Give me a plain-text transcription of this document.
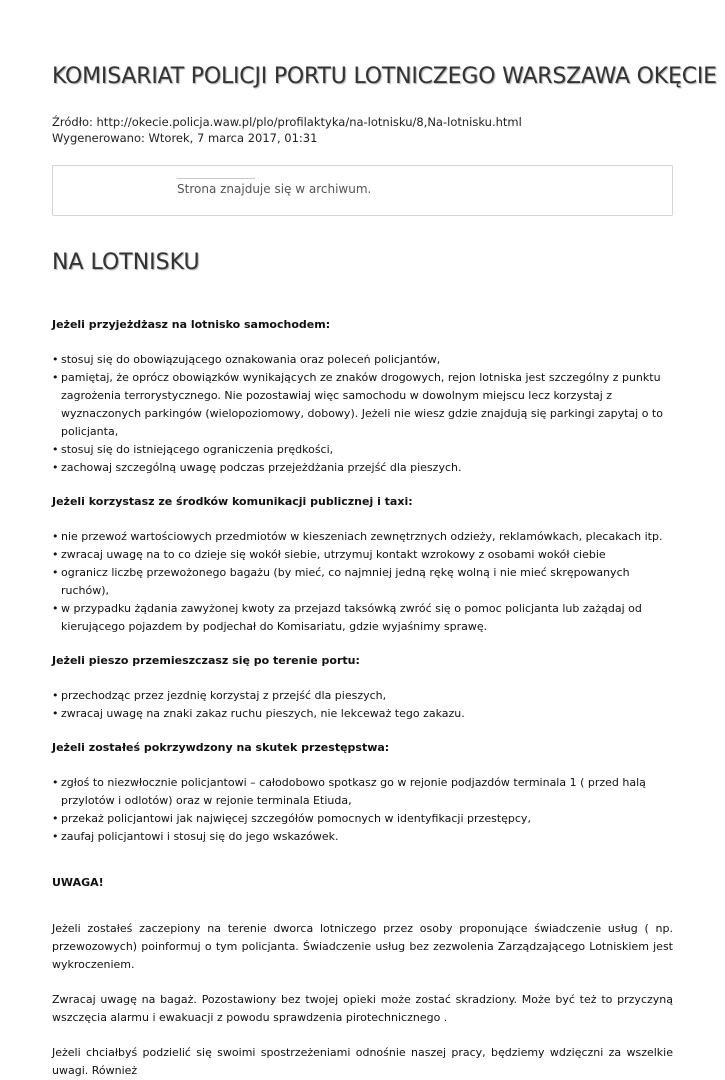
KOMISARIAT POLICJI PORTU LOTNICZEGO WARSZAWA OKĘCIE
Źródło: http://okecie.policja.waw.pl/plo/profilaktyka/na-lotnisku/8,Na-lotnisku.html
Wygenerowano: Wtorek, 7 marca 2017, 01:31
Strona znajduje się w archiwum.
NA LOTNISKU
Jeżeli przyjeżdżasz na lotnisko samochodem:
• stosuj się do obowiązującego oznakowania oraz poleceń policjantów,
• pamiętaj, że oprócz obowiązków wynikających ze znaków drogowych, rejon lotniska jest szczególny z punktu zagrożenia terrorystycznego. Nie pozostawiaj więc samochodu w dowolnym miejscu lecz korzystaj z wyznaczonych parkingów (wielopoziomowy, dobowy). Jeżeli nie wiesz gdzie znajdują się parkingi zapytaj o to policjanta,
• stosuj się do istniejącego ograniczenia prędkości,
• zachowaj szczególną uwagę podczas przejeżdżania przejść dla pieszych.
Jeżeli korzystasz ze środków komunikacji publicznej i taxi:
• nie przewoź wartościowych przedmiotów w kieszeniach zewnętrznych odzieży, reklamówkach, plecakach itp.
• zwracaj uwagę na to co dzieje się wokół siebie, utrzymuj kontakt wzrokowy z osobami wokół ciebie
• ogranicz liczbę przewożonego bagażu (by mieć, co najmniej jedną rękę wolną i nie mieć skrępowanych ruchów),
• w przypadku żądania zawyżonej kwoty za przejazd taksówką zwróć się o pomoc policjanta lub zażądaj od kierującego pojazdem by podjechał do Komisariatu, gdzie wyjaśnimy sprawę.
Jeżeli pieszo przemieszczasz się po terenie portu:
• przechodząc przez jezdnię korzystaj z przejść dla pieszych,
• zwracaj uwagę na znaki zakaz ruchu pieszych, nie lekceważ tego zakazu.
Jeżeli zostałeś pokrzywdzony na skutek przestępstwa:
• zgłoś to niezwłocznie policjantowi – całodobowo spotkasz go w rejonie podjazdów terminala 1 ( przed halą przylotów i odlotów) oraz w rejonie terminala Etiuda,
• przekaż policjantowi jak najwięcej szczegółów pomocnych w identyfikacji przestępcy,
• zaufaj policjantowi i stosuj się do jego wskazówek.
UWAGA!

Jeżeli zostałeś zaczepiony na terenie dworca lotniczego przez osoby proponujące świadczenie usług ( np. przewozowych) poinformuj o tym policjanta. Świadczenie usług bez zezwolenia Zarządzającego Lotniskiem jest wykroczeniem.

Zwracaj uwagę na bagaż. Pozostawiony bez twojej opieki może zostać skradziony. Może być też to przyczyną wszczęcia alarmu i ewakuacji z powodu sprawdzenia pirotechnicznego .

Jeżeli chciałbyś podzielić się swoimi spostrzeżeniami odnośnie naszej pracy, będziemy wdzięczni za wszelkie uwagi. Również
